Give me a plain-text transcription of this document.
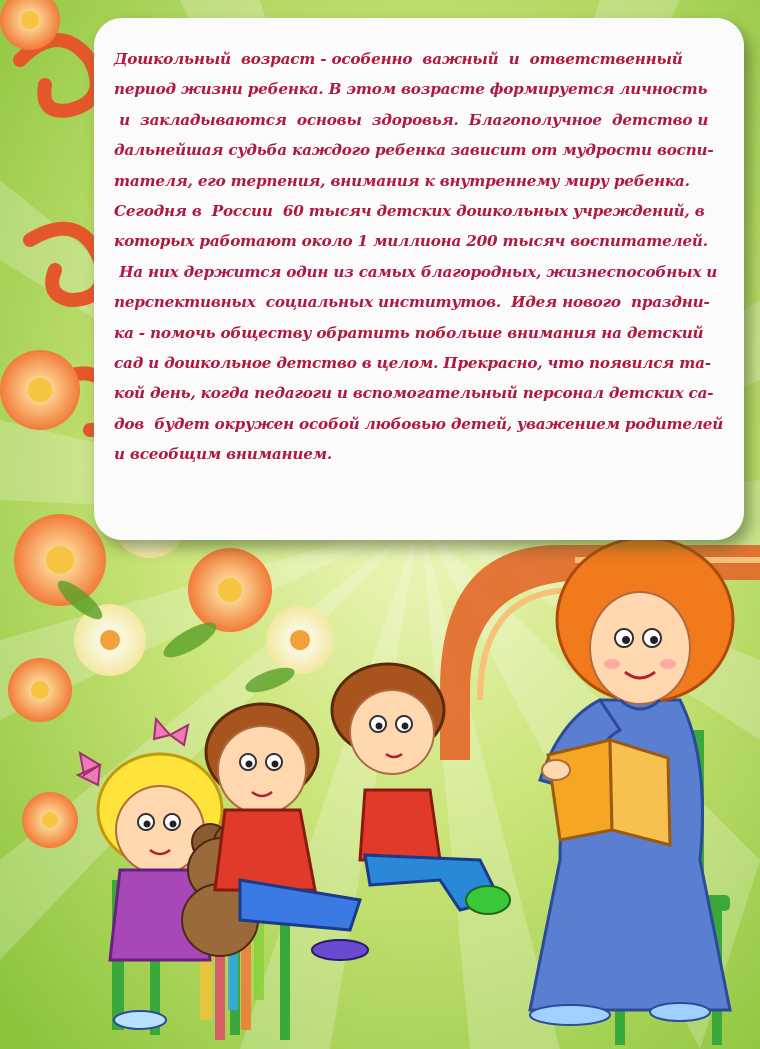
Дошкольный  возраст - особенно  важный  и  ответственный
период жизни ребенка. В этом возрасте формируется личность
и  закладываются  основы  здоровья.  Благополучное  детство и
дальнейшая судьба каждого ребенка зависит от мудрости воспи-
тателя, его терпения, внимания к внутреннему миру ребенка.
Сегодня в  России  60 тысяч детских дошкольных учреждений, в
которых работают около 1 миллиона 200 тысяч воспитателей.
На них держится один из самых благородных, жизнеспособных и
перспективных  социальных институтов.  Идея нового  праздни-
ка - помочь обществу обратить побольше внимания на детский
сад и дошкольное детство в целом. Прекрасно, что появился та-
кой день, когда педагоги и вспомогательный персонал детских са-
дов  будет окружен особой любовью детей, уважением родителей
и всеобщим вниманием.
